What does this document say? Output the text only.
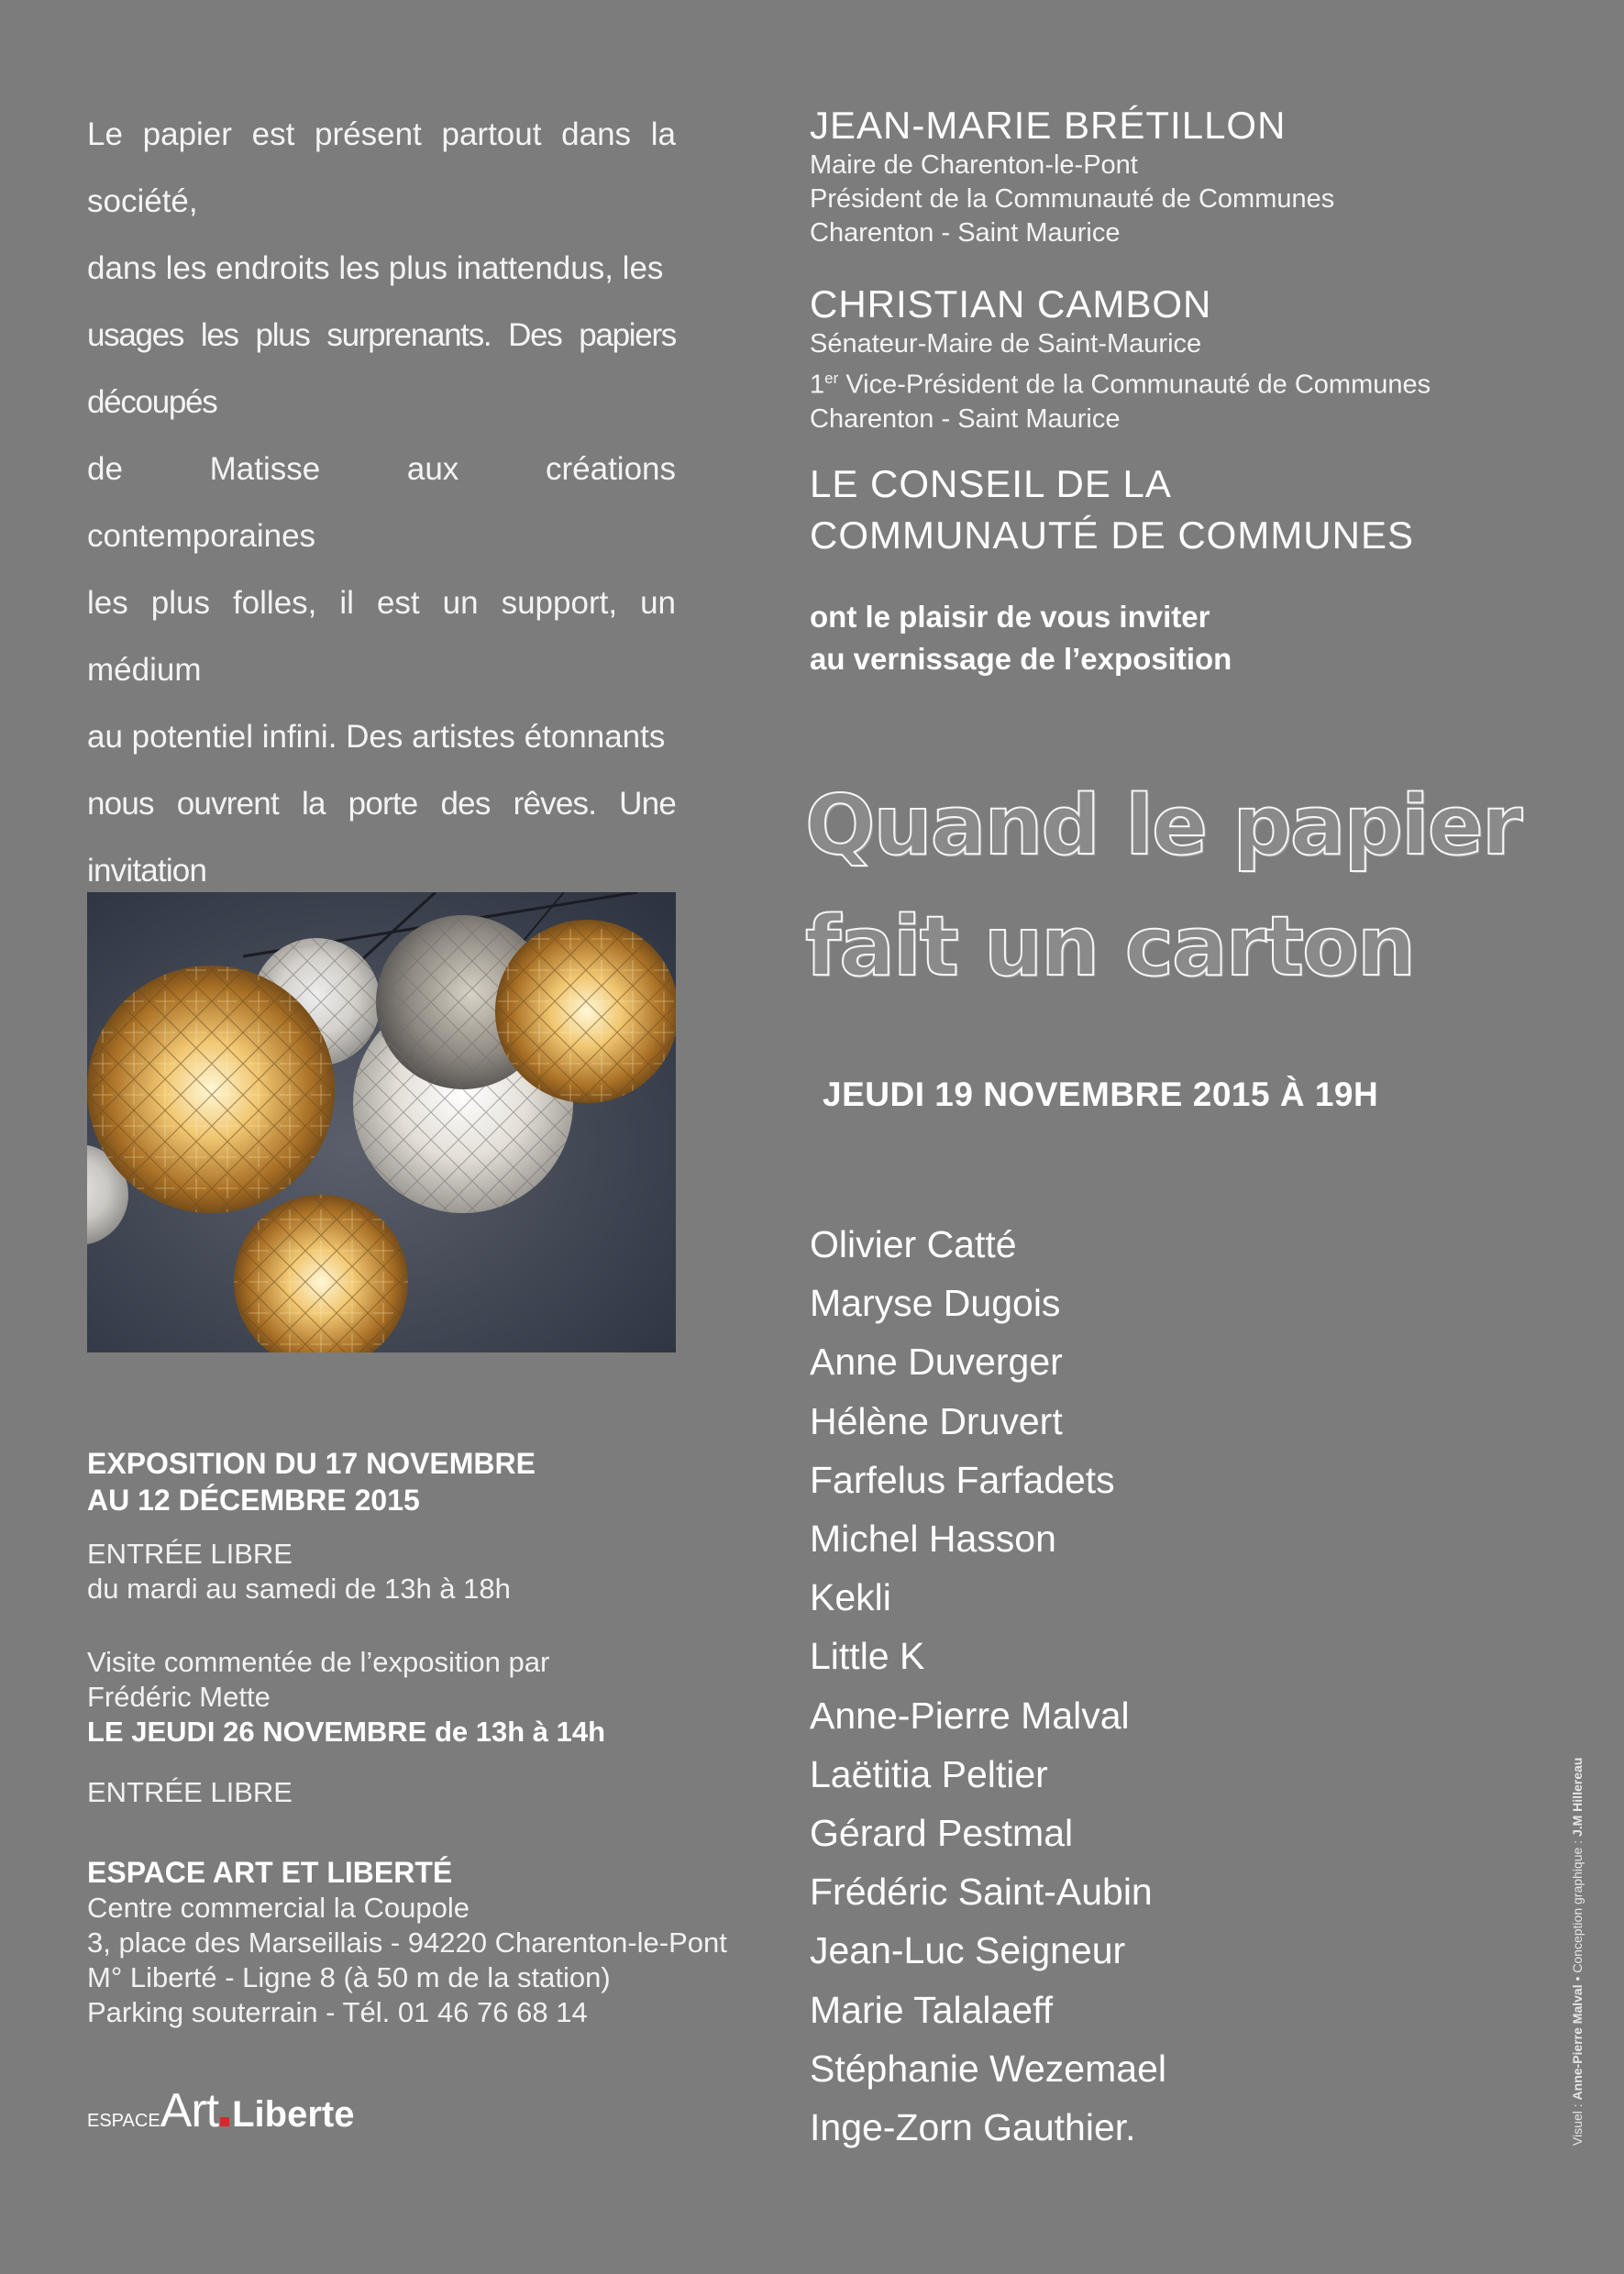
Le papier est présent partout dans la société,
dans les endroits les plus inattendus, les
usages les plus surprenants. Des papiers découpés
de Matisse aux créations contemporaines
les plus folles, il est un support, un médium
au potentiel infini. Des artistes étonnants
nous ouvrent la porte des rêves. Une invitation

EXPOSITION DU 17 NOVEMBRE

AU 12 DÉCEMBRE 2015

ENTRÉE LIBRE

du mardi au samedi de 13h à 18h

Visite commentée de l’exposition par

Frédéric Mette

LE JEUDI 26 NOVEMBRE de 13h à 14h

ENTRÉE LIBRE

ESPACE ART ET LIBERTÉ

Centre commercial la Coupole

3, place des Marseillais - 94220 Charenton-le-Pont

M° Liberté - Ligne 8 (à 50 m de la station)

Parking souterrain - Tél. 01 46 76 68 14

ESPACEArt Liberte

JEAN-MARIE BRÉTILLON

Maire de Charenton-le-Pont

Président de la Communauté de Communes

Charenton - Saint Maurice

CHRISTIAN CAMBON

Sénateur-Maire de Saint-Maurice

1er Vice-Président de la Communauté de Communes

Charenton - Saint Maurice

LE CONSEIL DE LA

COMMUNAUTÉ DE COMMUNES

ont le plaisir de vous inviter
au vernissage de l’exposition

Quand le papier
fait un carton

JEUDI 19 NOVEMBRE 2015 À 19H
Olivier Catté
Maryse Dugois
Anne Duverger
Hélène Druvert
Farfelus Farfadets
Michel Hasson
Kekli
Little K
Anne-Pierre Malval
Laëtitia Peltier
Gérard Pestmal
Frédéric Saint-Aubin
Jean-Luc Seigneur
Marie Talalaeff
Stéphanie Wezemael
Inge-Zorn Gauthier.	Visuel : Anne-Pierre Malval • Conception graphique : J.M Hillereau
